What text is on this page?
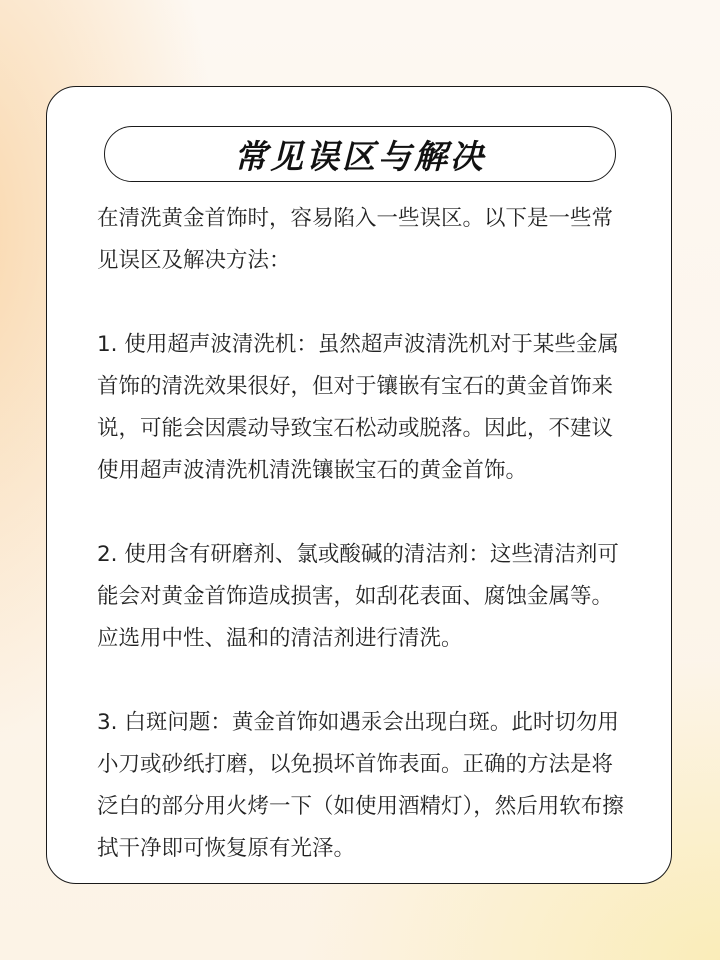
常见误区与解决

在清洗黄金首饰时，容易陷入一些误区。以下是一些常见误区及解决方法：

1. 使用超声波清洗机：虽然超声波清洗机对于某些金属首饰的清洗效果很好，但对于镶嵌有宝石的黄金首饰来说，可能会因震动导致宝石松动或脱落。因此，不建议使用超声波清洗机清洗镶嵌宝石的黄金首饰。

2. 使用含有研磨剂、氯或酸碱的清洁剂：这些清洁剂可能会对黄金首饰造成损害，如刮花表面、腐蚀金属等。应选用中性、温和的清洁剂进行清洗。

3. 白斑问题：黄金首饰如遇汞会出现白斑。此时切勿用小刀或砂纸打磨，以免损坏首饰表面。正确的方法是将泛白的部分用火烤一下（如使用酒精灯），然后用软布擦拭干净即可恢复原有光泽。
